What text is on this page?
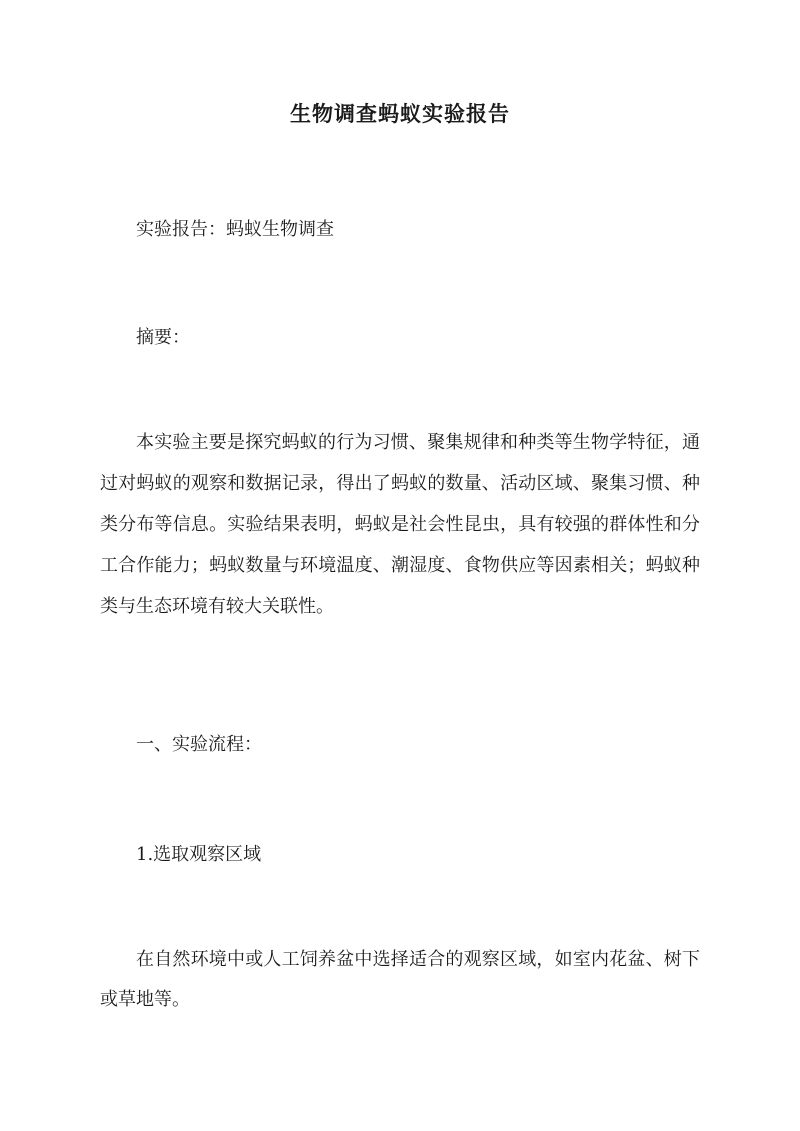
生物调查蚂蚁实验报告

实验报告：蚂蚁生物调查

摘要：

本实验主要是探究蚂蚁的行为习惯、聚集规律和种类等生物学特征，通过对蚂蚁的观察和数据记录，得出了蚂蚁的数量、活动区域、聚集习惯、种类分布等信息。实验结果表明，蚂蚁是社会性昆虫，具有较强的群体性和分工合作能力；蚂蚁数量与环境温度、潮湿度、食物供应等因素相关；蚂蚁种类与生态环境有较大关联性。

一、实验流程：

1.选取观察区域

在自然环境中或人工饲养盆中选择适合的观察区域，如室内花盆、树下或草地等。
